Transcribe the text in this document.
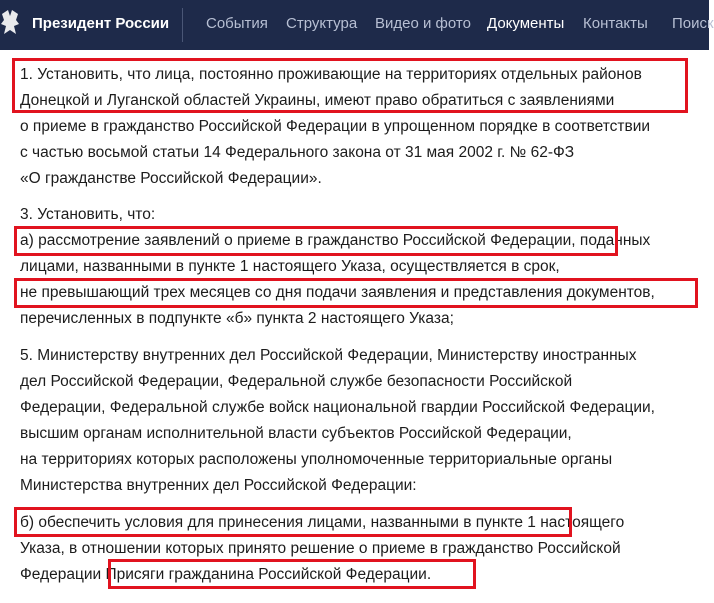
Президент России События Структура Видео и фото Документы Контакты Поиск
1. Установить, что лица, постоянно проживающие на территориях отдельных районов
Донецкой и Луганской областей Украины, имеют право обратиться с заявлениями
о приеме в гражданство Российской Федерации в упрощенном порядке в соответствии
с частью восьмой статьи 14 Федерального закона от 31 мая 2002 г. № 62-ФЗ
«О гражданстве Российской Федерации».
3. Установить, что:
а) рассмотрение заявлений о приеме в гражданство Российской Федерации, поданных
лицами, названными в пункте 1 настоящего Указа, осуществляется в срок,
не превышающий трех месяцев со дня подачи заявления и представления документов,
перечисленных в подпункте «б» пункта 2 настоящего Указа;
5. Министерству внутренних дел Российской Федерации, Министерству иностранных
дел Российской Федерации, Федеральной службе безопасности Российской
Федерации, Федеральной службе войск национальной гвардии Российской Федерации,
высшим органам исполнительной власти субъектов Российской Федерации,
на территориях которых расположены уполномоченные территориальные органы
Министерства внутренних дел Российской Федерации:
б) обеспечить условия для принесения лицами, названными в пункте 1 настоящего
Указа, в отношении которых принято решение о приеме в гражданство Российской
Федерации Присяги гражданина Российской Федерации.
